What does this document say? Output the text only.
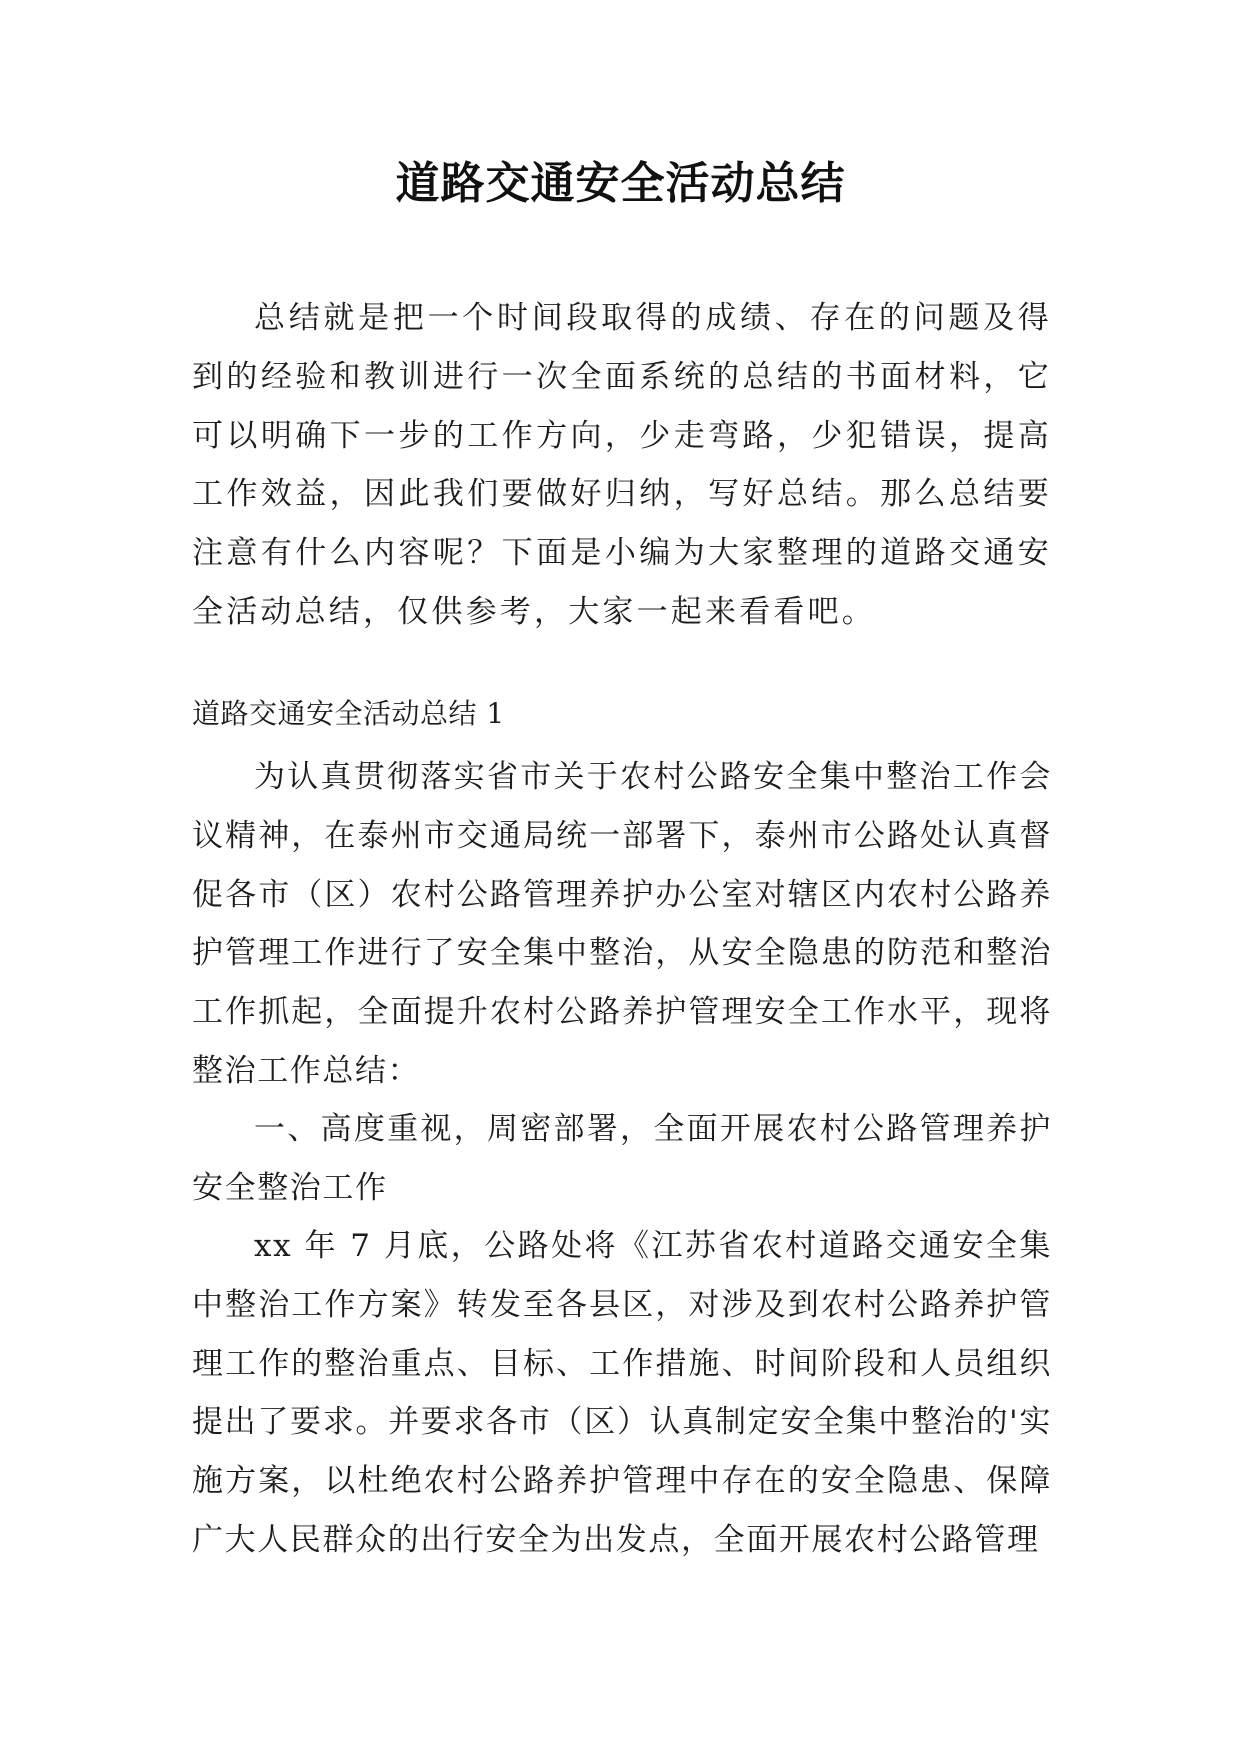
道路交通安全活动总结

总结就是把一个时间段取得的成绩、存在的问题及得到的经验和教训进行一次全面系统的总结的书面材料，它可以明确下一步的工作方向，少走弯路，少犯错误，提高工作效益，因此我们要做好归纳，写好总结。那么总结要注意有什么内容呢？下面是小编为大家整理的道路交通安全活动总结，仅供参考，大家一起来看看吧。

道路交通安全活动总结 1

为认真贯彻落实省市关于农村公路安全集中整治工作会议精神，在泰州市交通局统一部署下，泰州市公路处认真督促各市（区）农村公路管理养护办公室对辖区内农村公路养护管理工作进行了安全集中整治，从安全隐患的防范和整治工作抓起，全面提升农村公路养护管理安全工作水平，现将整治工作总结：

一、高度重视，周密部署，全面开展农村公路管理养护安全整治工作

xx 年 7 月底，公路处将《江苏省农村道路交通安全集中整治工作方案》转发至各县区，对涉及到农村公路养护管理工作的整治重点、目标、工作措施、时间阶段和人员组织提出了要求。并要求各市（区）认真制定安全集中整治的'实施方案，以杜绝农村公路养护管理中存在的安全隐患、保障广大人民群众的出行安全为出发点，全面开展农村公路管理
